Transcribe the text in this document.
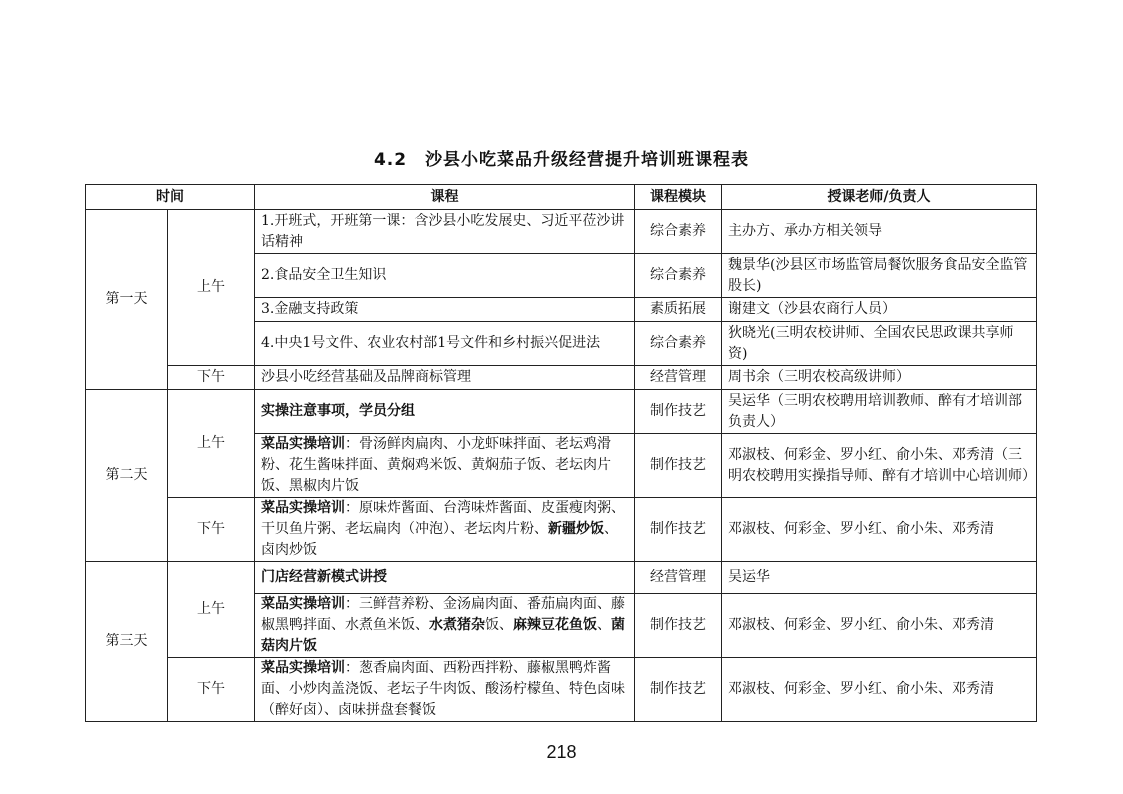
4.2 沙县小吃菜品升级经营提升培训班课程表
时间		课程	课程模块	授课老师/负责人
第一天	上午	1.开班式，开班第一课：含沙县小吃发展史、习近平莅沙讲话精神	综合素养	主办方、承办方相关领导
		2.食品安全卫生知识	综合素养	魏景华(沙县区市场监管局餐饮服务食品安全监管股长)
		3.金融支持政策	素质拓展	谢建文（沙县农商行人员）
		4.中央1号文件、农业农村部1号文件和乡村振兴促进法	综合素养	狄晓光(三明农校讲师、全国农民思政课共享师资)
	下午	沙县小吃经营基础及品牌商标管理	经营管理	周书余（三明农校高级讲师）
第二天	上午	实操注意事项，学员分组	制作技艺	吴运华（三明农校聘用培训教师、醉有才培训部负责人）
		菜品实操培训：骨汤鲜肉扁肉、小龙虾味拌面、老坛鸡滑粉、花生酱味拌面、黄焖鸡米饭、黄焖茄子饭、老坛肉片饭、黑椒肉片饭	制作技艺	邓淑枝、何彩金、罗小红、俞小朱、邓秀清（三明农校聘用实操指导师、醉有才培训中心培训师）
	下午	菜品实操培训：原味炸酱面、台湾味炸酱面、皮蛋瘦肉粥、干贝鱼片粥、老坛扁肉（冲泡）、老坛肉片粉、新疆炒饭、卤肉炒饭	制作技艺	邓淑枝、何彩金、罗小红、俞小朱、邓秀清
第三天	上午	门店经营新模式讲授	经营管理	吴运华
		菜品实操培训：三鲜营养粉、金汤扁肉面、番茄扁肉面、藤椒黑鸭拌面、水煮鱼米饭、水煮猪杂饭、麻辣豆花鱼饭、菌菇肉片饭	制作技艺	邓淑枝、何彩金、罗小红、俞小朱、邓秀清
	下午	菜品实操培训：葱香扁肉面、西粉西拌粉、藤椒黑鸭炸酱面、小炒肉盖浇饭、老坛子牛肉饭、酸汤柠檬鱼、特色卤味（醉好卤）、卤味拼盘套餐饭	制作技艺	邓淑枝、何彩金、罗小红、俞小朱、邓秀清
218
